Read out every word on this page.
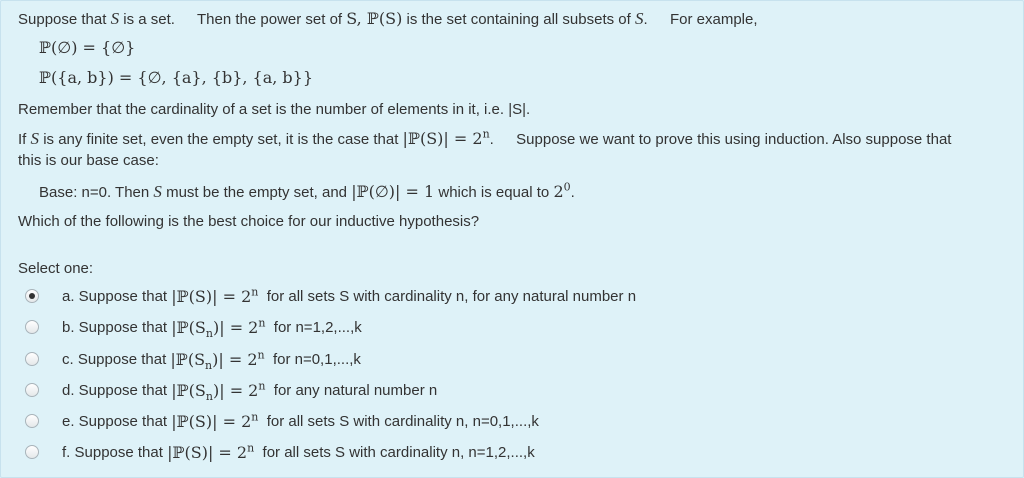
Suppose that S is a set. Then the power set of S, ℙ(S) is the set containing all subsets of S.  For example,
ℙ(∅) = {∅}
ℙ({a, b}) = {∅, {a}, {b}, {a, b}}
Remember that the cardinality of a set is the number of elements in it, i.e. |S|.
If S is any finite set, even the empty set, it is the case that |ℙ(S)| = $2^n$.  Suppose we want to prove this using induction. Also suppose that
this is our base case:
Base: n=0. Then S must be the empty set, and |ℙ(∅)| = 1 which is equal to $2^0$.
Which of the following is the best choice for our inductive hypothesis?
Select one:
a. Suppose that |ℙ(S)| = $2^n$ for all sets S with cardinality n, for any natural number n
b. Suppose that $|ℙ(S_n)| = 2^n$ for n=1,2,...,k
c. Suppose that $|ℙ(S_n)| = 2^n$ for n=0,1,...,k
d. Suppose that $|ℙ(S_n)| = 2^n$ for any natural number n
e. Suppose that |ℙ(S)| = $2^n$ for all sets S with cardinality n, n=0,1,...,k
f. Suppose that |ℙ(S)| = $2^n$ for all sets S with cardinality n, n=1,2,...,k
